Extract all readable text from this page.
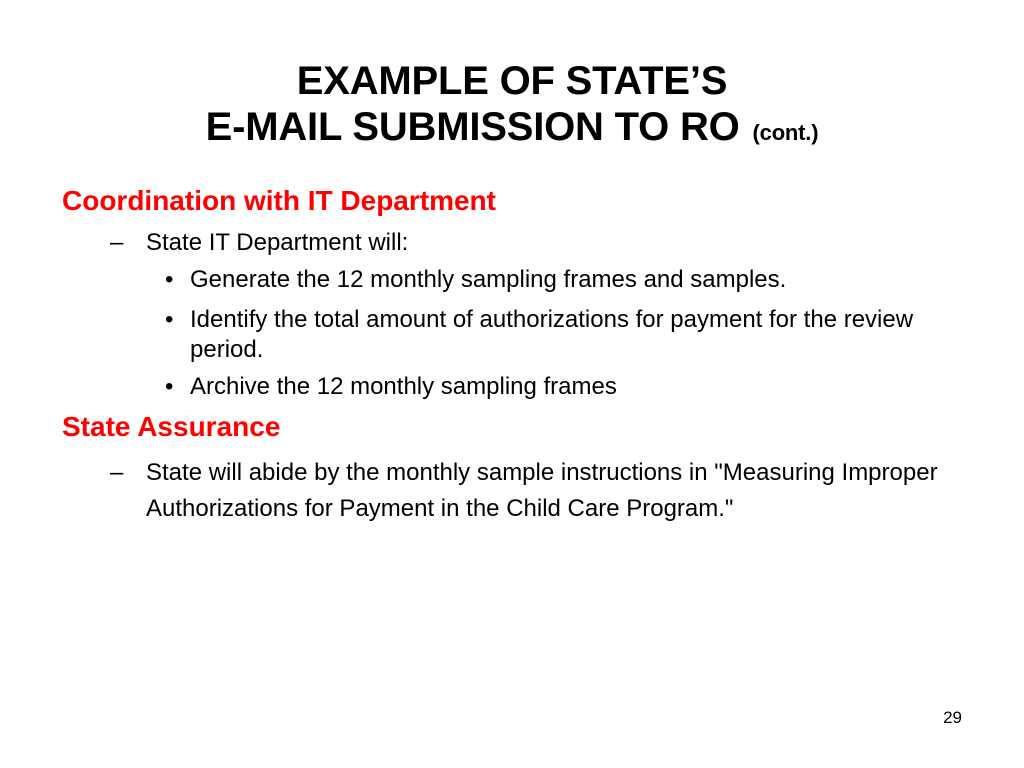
EXAMPLE OF STATE’S
E-MAIL SUBMISSION TO RO (cont.)
Coordination with IT Department
– State IT Department will:
• Generate the 12 monthly sampling frames and samples.
• Identify the total amount of authorizations for payment for the review period.
• Archive the 12 monthly sampling frames
State Assurance
– State will abide by the monthly sample instructions in "Measuring Improper Authorizations for Payment in the Child Care Program."
29
